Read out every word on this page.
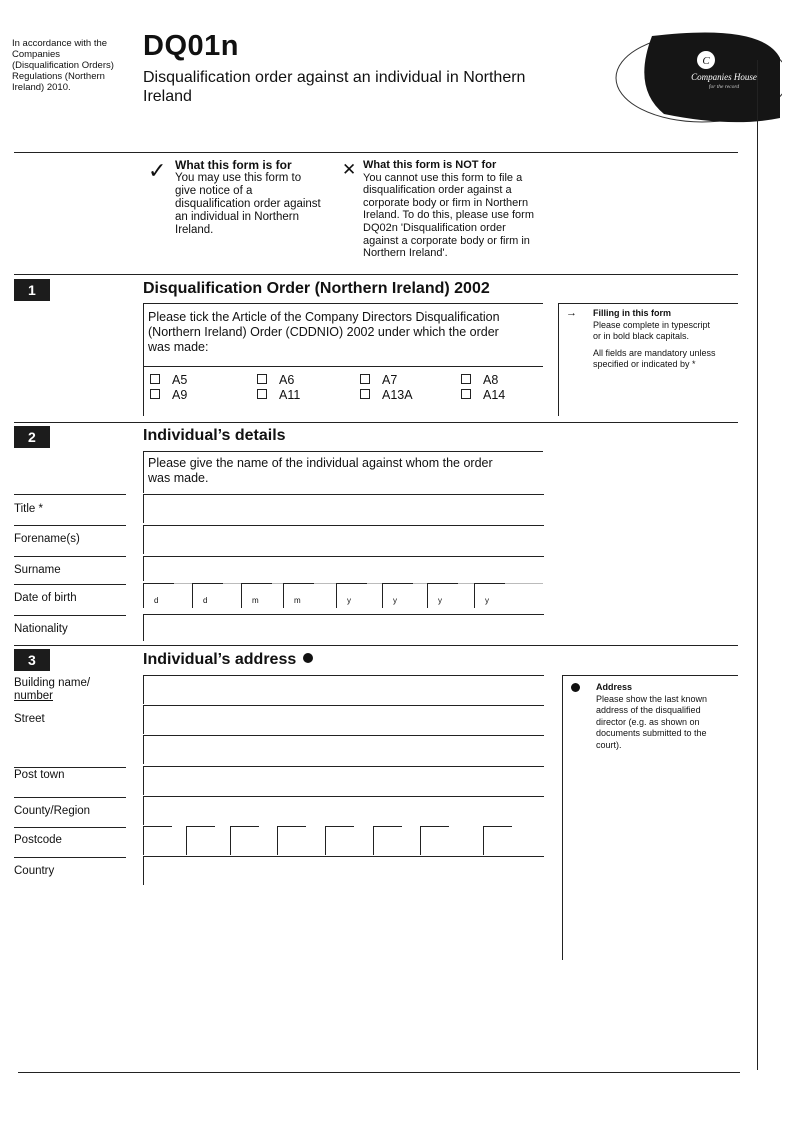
In accordance with the
Companies
(Disqualification Orders)
Regulations (Northern
Ireland) 2010.
DQ01n
Disqualification order against an individual in Northern
Ireland
C
Companies House
for the record
✓ What this form is for
You may use this form to
give notice of a
disqualification order against
an individual in Northern
Ireland.
✕ What this form is NOT for
You cannot use this form to file a
disqualification order against a
corporate body or firm in Northern
Ireland. To do this, please use form
DQ02n 'Disqualification order
against a corporate body or firm in
Northern Ireland'.
1	Disqualification Order (Northern Ireland) 2002
Please tick the Article of the Company Directors Disqualification
(Northern Ireland) Order (CDDNIO) 2002 under which the order
was made:
A5	A6	A7	A8
A9	A11	A13A	A14
→ Filling in this form
Please complete in typescript
or in bold black capitals.
All fields are mandatory unless
specified or indicated by *
2	Individual’s details
Please give the name of the individual against whom the order
was made.
Title *
Forename(s)
Surname
Date of birth	d	d	m	m	y	y	y	y
Nationality
3	Individual’s address
Building name/
number
Street
Post town
County/Region
Postcode
Country
Address
Please show the last known
address of the disqualified
director (e.g. as shown on
documents submitted to the
court).
